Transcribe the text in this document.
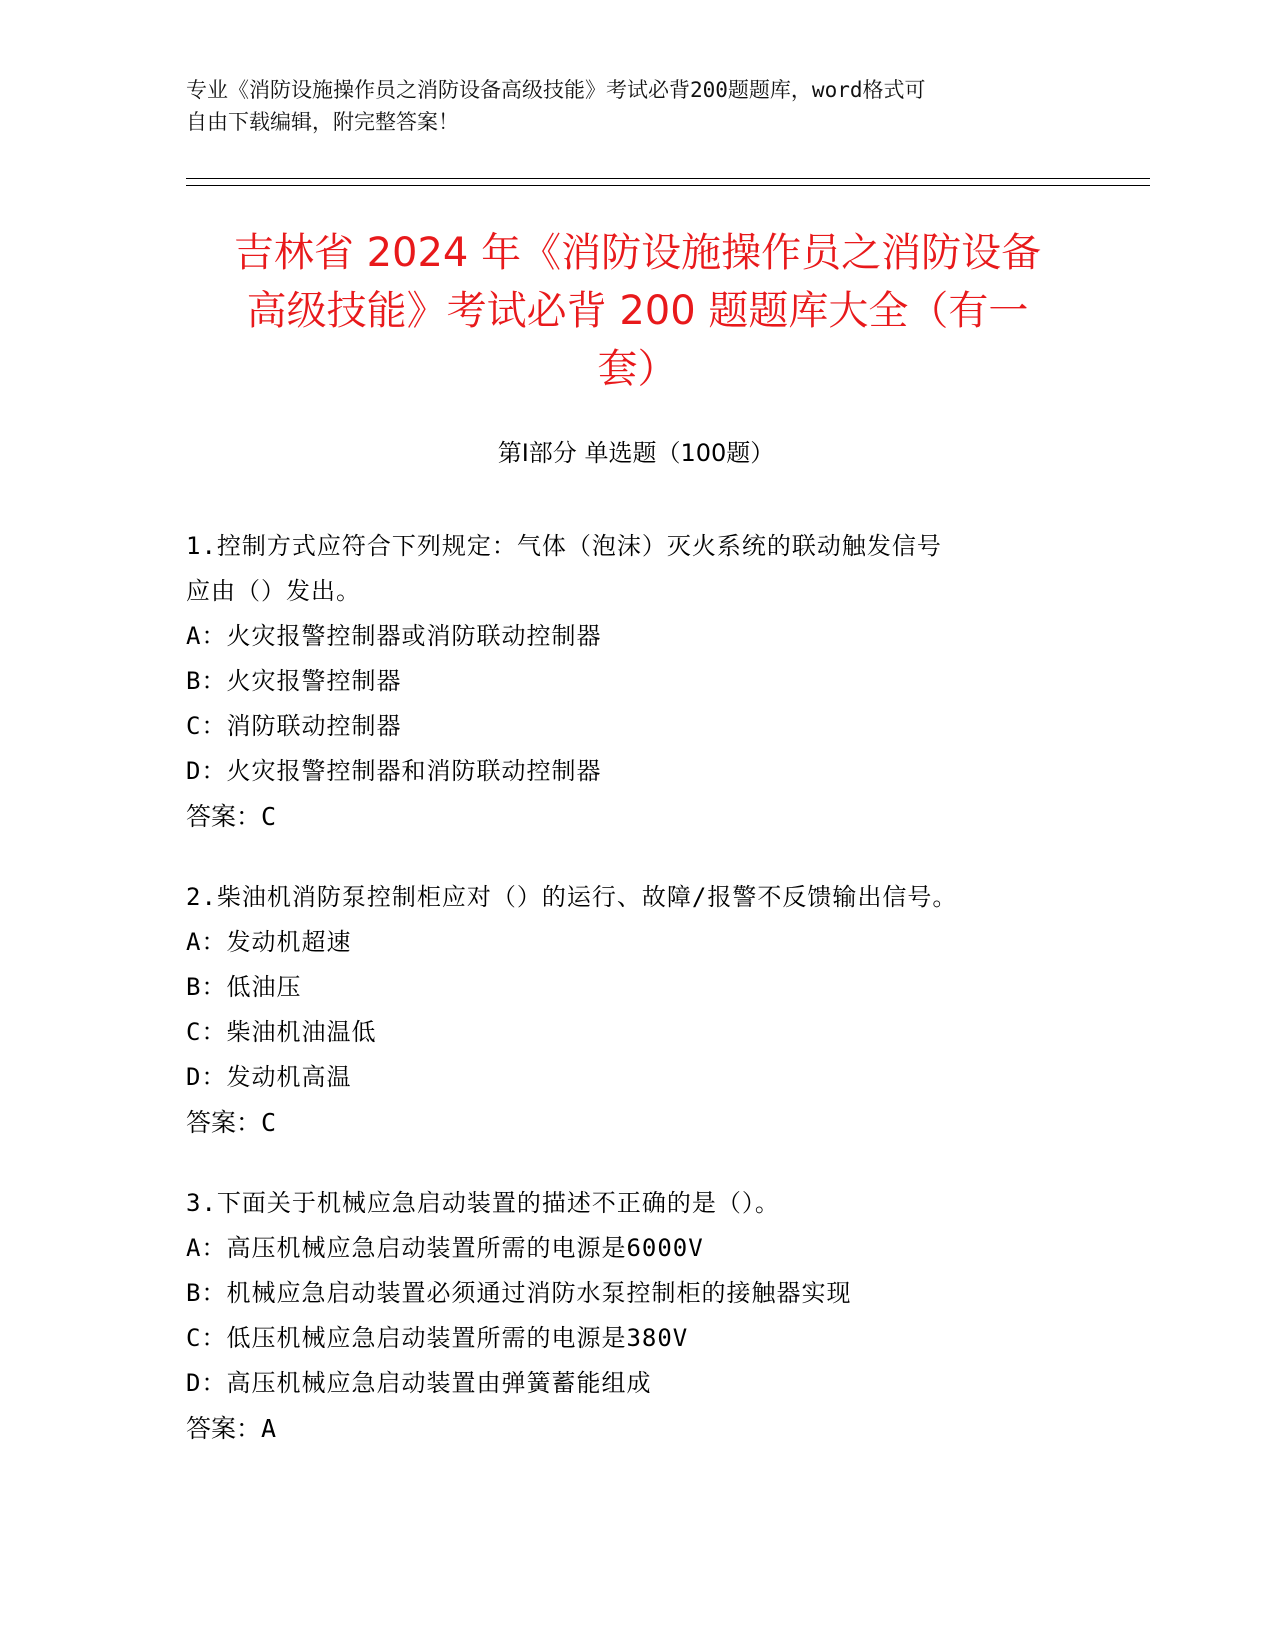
专业《消防设施操作员之消防设备高级技能》考试必背200题题库，word格式可
自由下载编辑，附完整答案！
吉林省 2024 年《消防设施操作员之消防设备
高级技能》考试必背 200 题题库大全（有一
套）
第Ⅰ部分 单选题（100题）
1.控制方式应符合下列规定：气体（泡沫）灭火系统的联动触发信号
应由（）发出。
A：火灾报警控制器或消防联动控制器
B：火灾报警控制器
C：消防联动控制器
D：火灾报警控制器和消防联动控制器
答案：C
2.柴油机消防泵控制柜应对（）的运行、故障/报警不反馈输出信号。
A：发动机超速
B：低油压
C：柴油机油温低
D：发动机高温
答案：C
3.下面关于机械应急启动装置的描述不正确的是（）。
A：高压机械应急启动装置所需的电源是6000V
B：机械应急启动装置必须通过消防水泵控制柜的接触器实现
C：低压机械应急启动装置所需的电源是380V
D：高压机械应急启动装置由弹簧蓄能组成
答案：A
